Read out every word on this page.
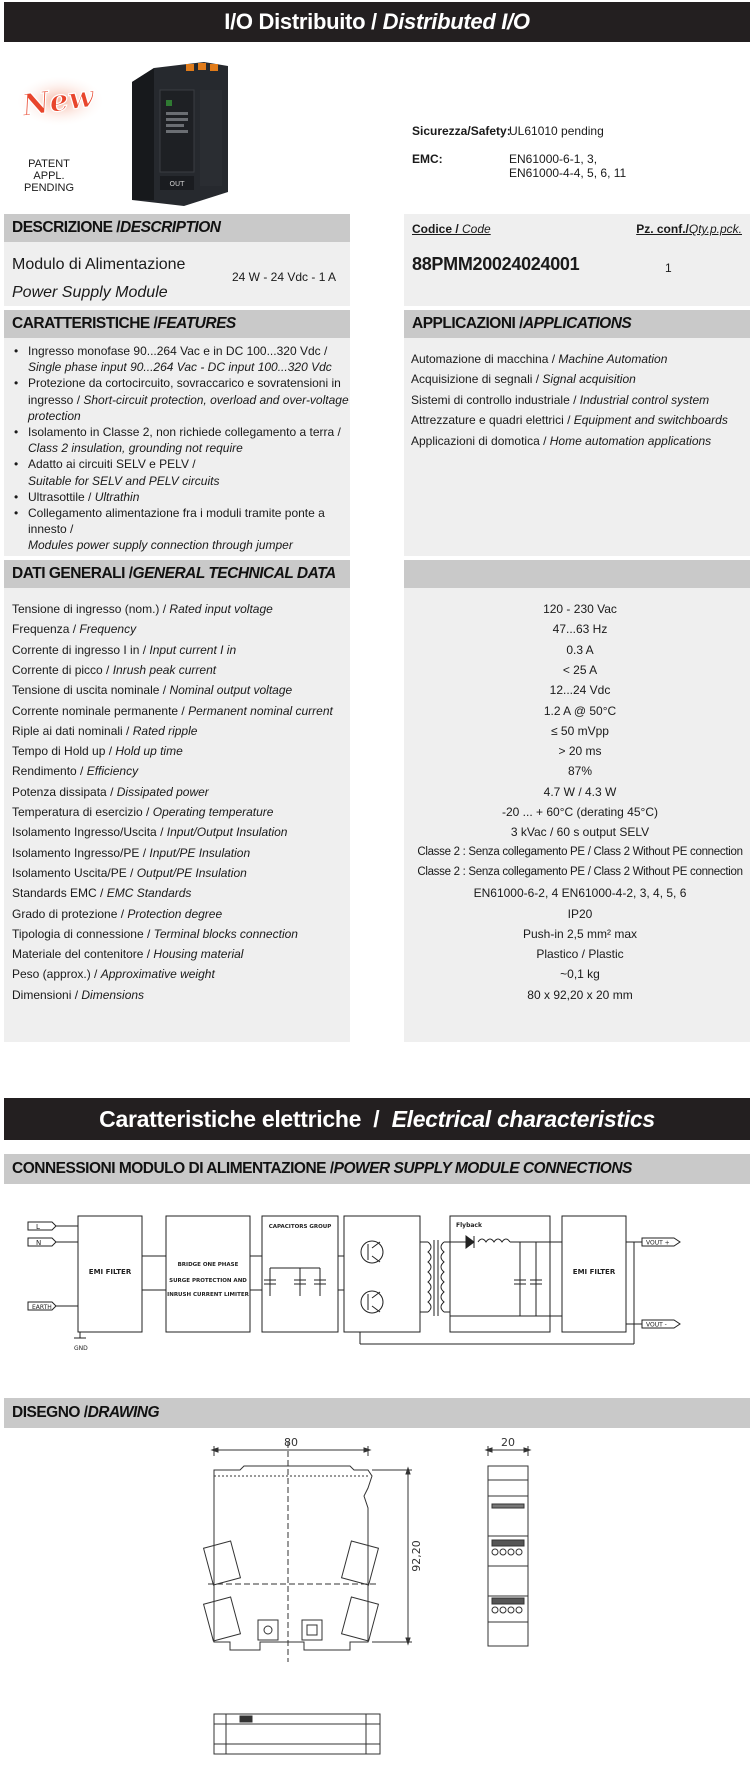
I/O Distribuito / Distributed I/O
New
PATENT APPL.
PENDING	OUT
Sicurezza/Safety:
UL61010 pending
EMC:	EN61000-6-1, 3,
EN61000-4-4, 5, 6, 11
DESCRIZIONE / DESCRIPTION
Modulo di Alimentazione
Power Supply Module
24 W - 24 Vdc - 1 A
Codice / Code	Pz. conf./Qty.p.pck.
88PMM20024024001	1
CARATTERISTICHE / FEATURES
• Ingresso monofase 90...264 Vac e in DC 100...320 Vdc /
Single phase input 90...264 Vac - DC input 100...320 Vdc
• Protezione da cortocircuito, sovraccarico e sovratensioni in ingresso / Short-circuit protection, overload and over-voltage protection
• Isolamento in Classe 2, non richiede collegamento a terra / Class 2 insulation, grounding not require
• Adatto ai circuiti SELV e PELV /
Suitable for SELV and PELV circuits
• Ultrasottile / Ultrathin
• Collegamento alimentazione fra i moduli tramite ponte a innesto /
Modules power supply connection through jumper
APPLICAZIONI / APPLICATIONS
Automazione di macchina / Machine Automation
Acquisizione di segnali / Signal acquisition
Sistemi di controllo industriale / Industrial control system
Attrezzature e quadri elettrici / Equipment and switchboards
Applicazioni di domotica / Home automation applications
DATI GENERALI / GENERAL TECHNICAL DATA
Tensione di ingresso (nom.) / Rated input voltage	120 - 230 Vac
Frequenza / Frequency	47...63 Hz
Corrente di ingresso I in / Input current I in	0.3 A
Corrente di picco / Inrush peak current	< 25 A
Tensione di uscita nominale / Nominal output voltage	12...24 Vdc
Corrente nominale permanente / Permanent nominal current	1.2 A @ 50°C
Riple ai dati nominali / Rated ripple	≤ 50 mVpp
Tempo di Hold up / Hold up time	> 20 ms
Rendimento / Efficiency	87%
Potenza dissipata / Dissipated power	4.7 W / 4.3 W
Temperatura di esercizio / Operating temperature	-20 ... + 60°C (derating 45°C)
Isolamento Ingresso/Uscita / Input/Output Insulation	3 kVac / 60 s output SELV
Isolamento Ingresso/PE / Input/PE Insulation	Classe 2 : Senza collegamento PE / Class 2 Without PE connection
Isolamento Uscita/PE / Output/PE Insulation	Classe 2 : Senza collegamento PE / Class 2 Without PE connection
Standards EMC / EMC Standards	EN61000-6-2, 4 EN61000-4-2, 3, 4, 5, 6
Grado di protezione / Protection degree	IP20
Tipologia di connessione / Terminal blocks connection	Push-in 2,5 mm² max
Materiale del contenitore / Housing material	Plastico / Plastic
Peso (approx.) / Approximative weight	~0,1 kg
Dimensioni / Dimensions	80 x 92,20 x 20 mm
Caratteristiche elettriche  /  Electrical characteristics
CONNESSIONI MODULO DI ALIMENTAZIONE / POWER SUPPLY MODULE CONNECTIONS
L
N
EARTH
GND
EMI FILTER
BRIDGE ONE PHASE
SURGE PROTECTION AND
INRUSH CURRENT LIMITER
CAPACITORS GROUP	Flyback
EMI FILTER
VOUT +
VOUT -
DISEGNO / DRAWING
80
92,20
20
